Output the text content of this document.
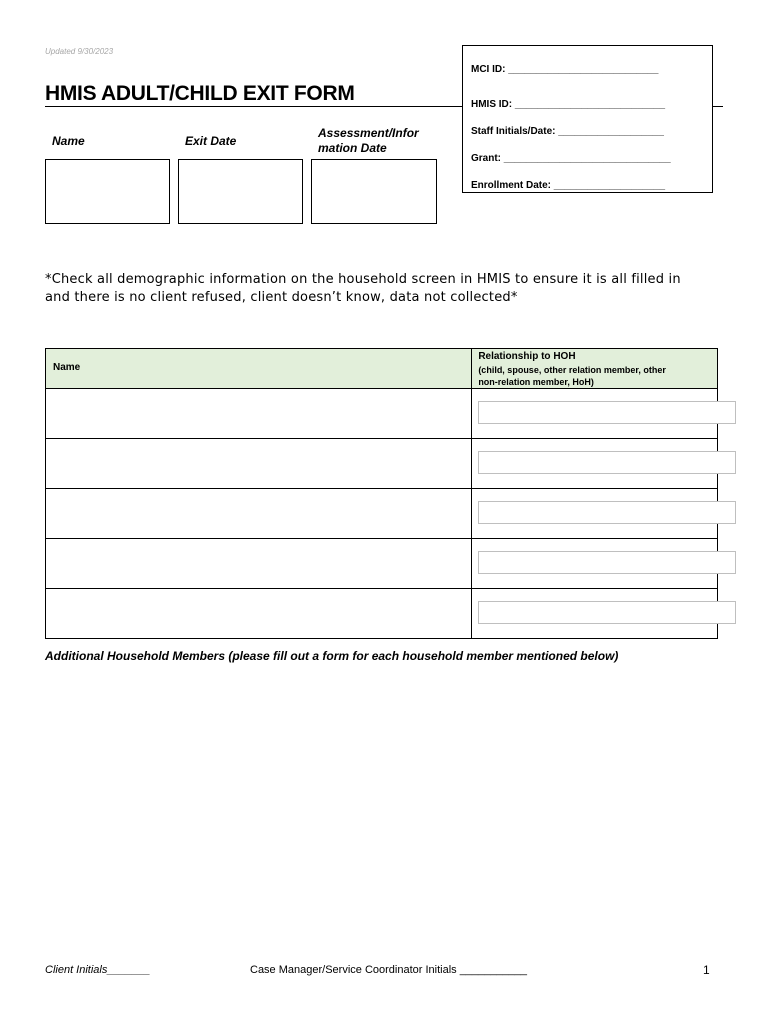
Updated 9/30/2023
HMIS ADULT/CHILD EXIT FORM
MCI ID: ___________________________
HMIS ID: ___________________________
Staff Initials/Date: ___________________
Grant: ______________________________
Enrollment Date: ____________________
Name	Exit Date
Assessment/Infor
mation Date
*Check all demographic information on the household screen in HMIS to ensure it is all filled in
and there is no client refused, client doesn’t know, data not collected*
Name	Relationship to HOH
(child, spouse, other relation member, other
non-relation member, HoH)

Additional Household Members (please fill out a form for each household member mentioned below)
Client Initials_______	Case Manager/Service Coordinator Initials ___________	1
